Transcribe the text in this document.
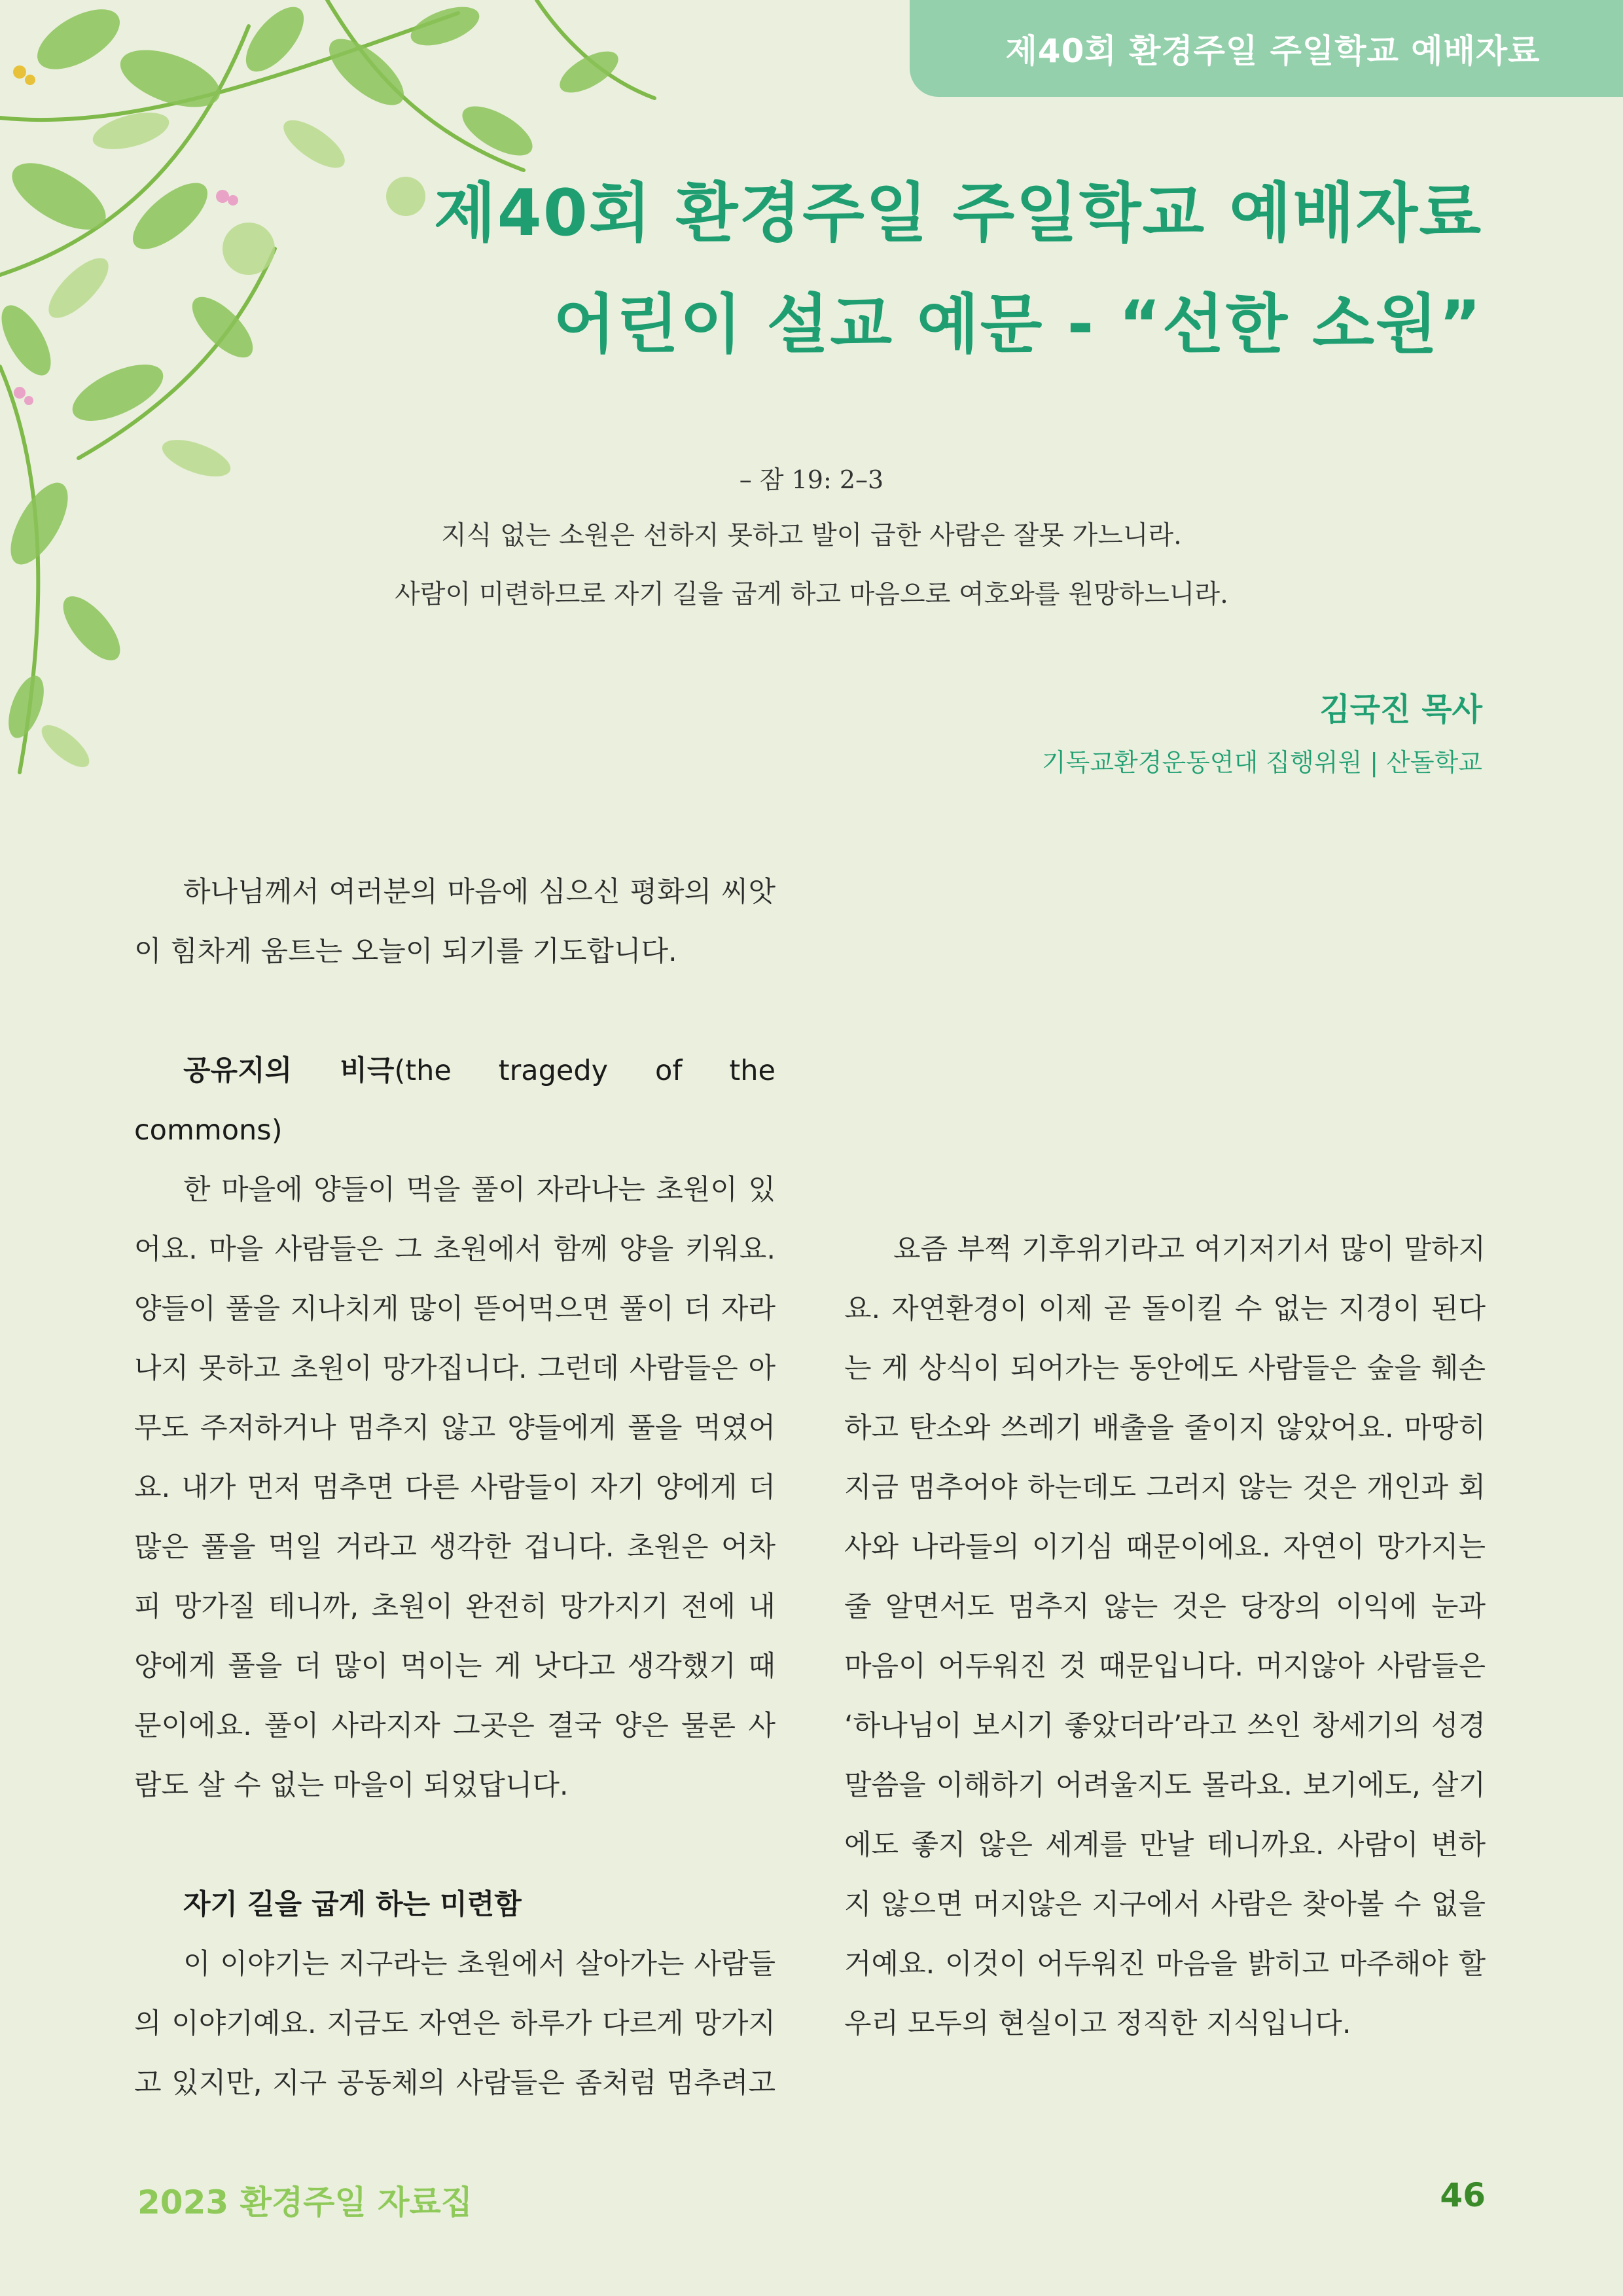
제40회 환경주일 주일학교 예배자료
제40회 환경주일 주일학교 예배자료
어린이 설교 예문 - “선한 소원”
– 잠 19: 2–3
지식 없는 소원은 선하지 못하고 발이 급한 사람은 잘못 가느니라.
사람이 미련하므로 자기 길을 굽게 하고 마음으로 여호와를 원망하느니라.
김국진 목사
기독교환경운동연대 집행위원 | 산돌학교

하나님께서 여러분의 마음에 심으신 평화의 씨앗이 힘차게 움트는 오늘이 되기를 기도합니다.

공유지의 비극(the tragedy of the commons)

한 마을에 양들이 먹을 풀이 자라나는 초원이 있어요. 마을 사람들은 그 초원에서 함께 양을 키워요. 양들이 풀을 지나치게 많이 뜯어먹으면 풀이 더 자라나지 못하고 초원이 망가집니다. 그런데 사람들은 아무도 주저하거나 멈추지 않고 양들에게 풀을 먹였어요. 내가 먼저 멈추면 다른 사람들이 자기 양에게 더 많은 풀을 먹일 거라고 생각한 겁니다. 초원은 어차피 망가질 테니까, 초원이 완전히 망가지기 전에 내 양에게 풀을 더 많이 먹이는 게 낫다고 생각했기 때문이에요. 풀이 사라지자 그곳은 결국 양은 물론 사람도 살 수 없는 마을이 되었답니다.

자기 길을 굽게 하는 미련함

이 이야기는 지구라는 초원에서 살아가는 사람들의 이야기예요. 지금도 자연은 하루가 다르게 망가지고 있지만, 지구 공동체의 사람들은 좀처럼 멈추려고

요즘 부쩍 기후위기라고 여기저기서 많이 말하지요. 자연환경이 이제 곧 돌이킬 수 없는 지경이 된다는 게 상식이 되어가는 동안에도 사람들은 숲을 훼손하고 탄소와 쓰레기 배출을 줄이지 않았어요. 마땅히 지금 멈추어야 하는데도 그러지 않는 것은 개인과 회사와 나라들의 이기심 때문이에요. 자연이 망가지는 줄 알면서도 멈추지 않는 것은 당장의 이익에 눈과 마음이 어두워진 것 때문입니다. 머지않아 사람들은 ‘하나님이 보시기 좋았더라’라고 쓰인 창세기의 성경말씀을 이해하기 어려울지도 몰라요. 보기에도, 살기에도 좋지 않은 세계를 만날 테니까요. 사람이 변하지 않으면 머지않은 지구에서 사람은 찾아볼 수 없을 거예요. 이것이 어두워진 마음을 밝히고 마주해야 할 우리 모두의 현실이고 정직한 지식입니다.

2023 환경주일 자료집	46
